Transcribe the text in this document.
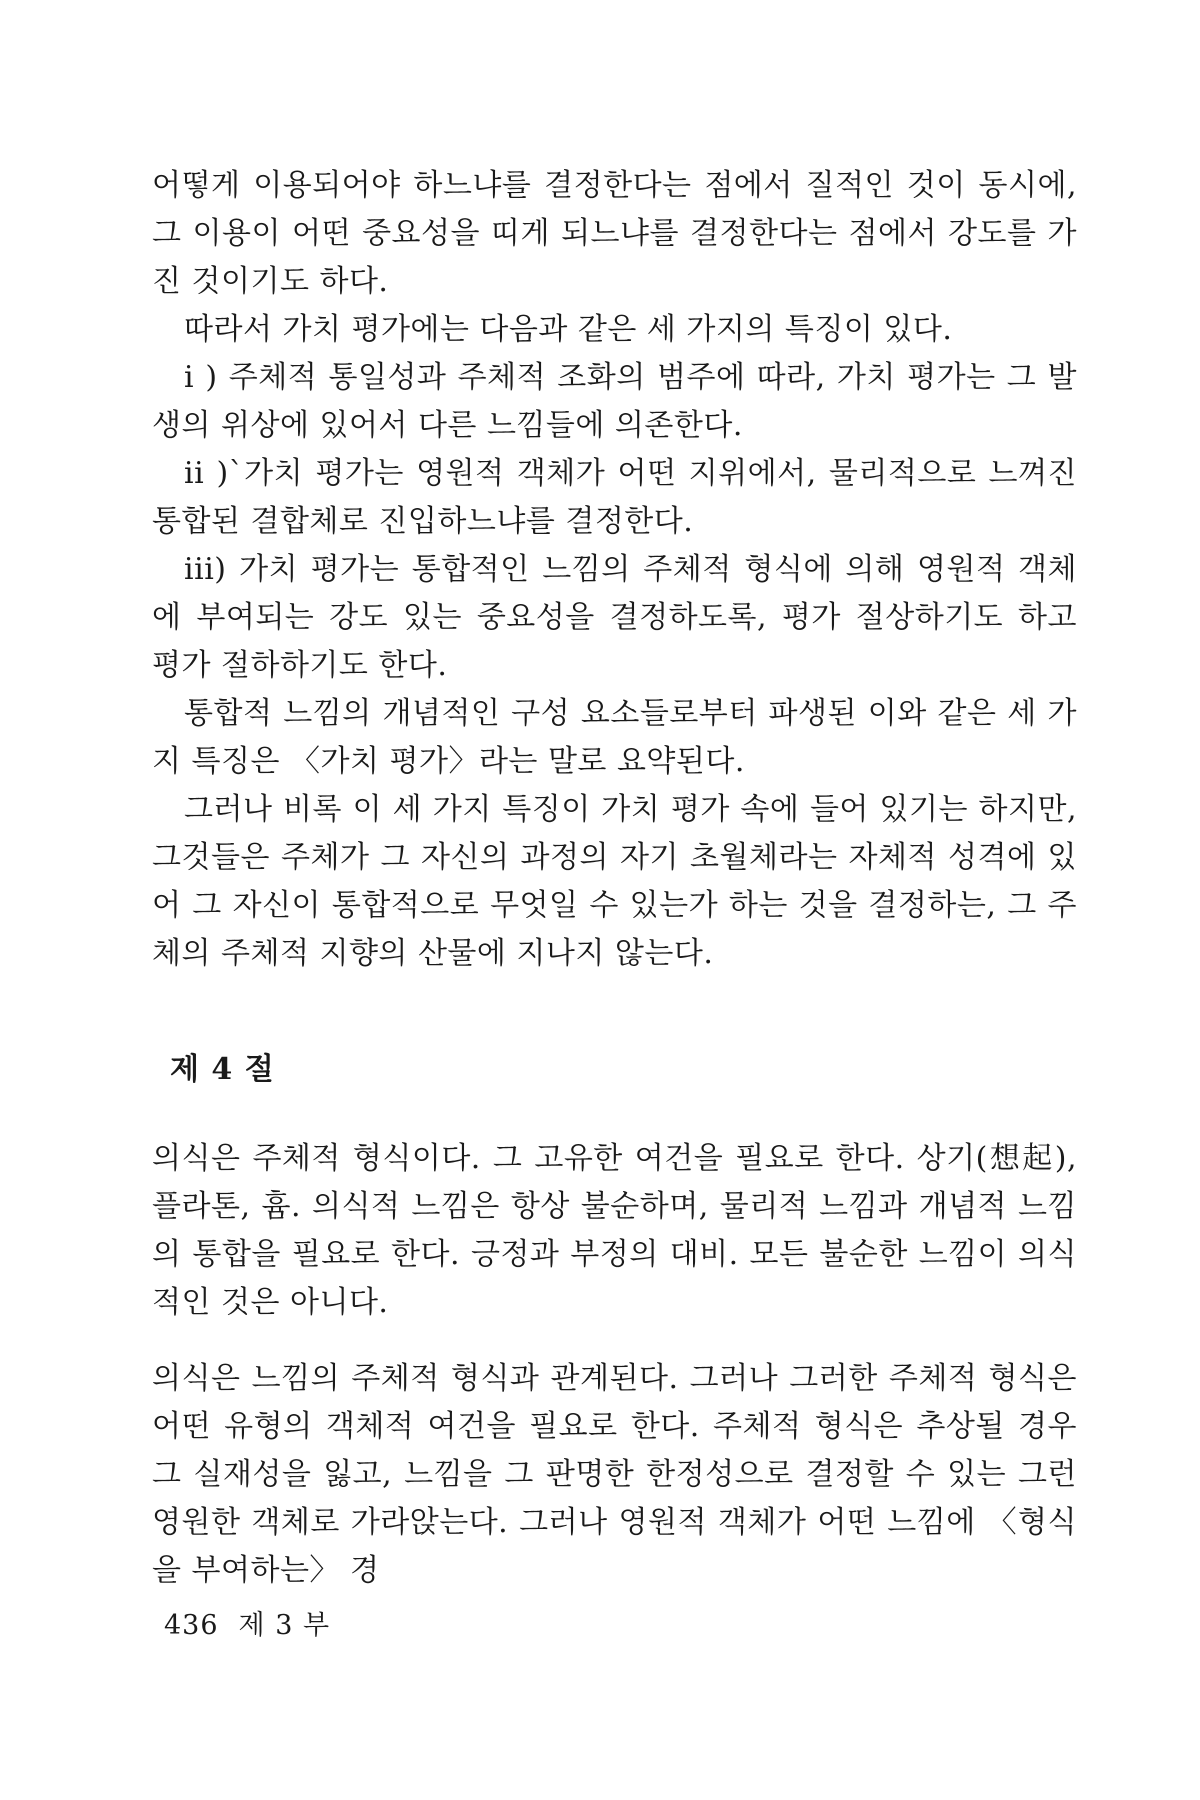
어떻게 이용되어야 하느냐를 결정한다는 점에서 질적인 것이 동시에, 그 이용이 어떤 중요성을 띠게 되느냐를 결정한다는 점에서 강도를 가진 것이기도 하다.

따라서 가치 평가에는 다음과 같은 세 가지의 특징이 있다.

i ) 주체적 통일성과 주체적 조화의 범주에 따라, 가치 평가는 그 발생의 위상에 있어서 다른 느낌들에 의존한다.

ii )`가치 평가는 영원적 객체가 어떤 지위에서, 물리적으로 느껴진 통합된 결합체로 진입하느냐를 결정한다.

iii) 가치 평가는 통합적인 느낌의 주체적 형식에 의해 영원적 객체에 부여되는 강도 있는 중요성을 결정하도록, 평가 절상하기도 하고 평가 절하하기도 한다.

통합적 느낌의 개념적인 구성 요소들로부터 파생된 이와 같은 세 가지 특징은 〈가치 평가〉라는 말로 요약된다.

그러나 비록 이 세 가지 특징이 가치 평가 속에 들어 있기는 하지만, 그것들은 주체가 그 자신의 과정의 자기 초월체라는 자체적 성격에 있어 그 자신이 통합적으로 무엇일 수 있는가 하는 것을 결정하는, 그 주체의 주체적 지향의 산물에 지나지 않는다.

제 4 절

의식은 주체적 형식이다. 그 고유한 여건을 필요로 한다. 상기(想起), 플라톤, 흄. 의식적 느낌은 항상 불순하며, 물리적 느낌과 개념적 느낌의 통합을 필요로 한다. 긍정과 부정의 대비. 모든 불순한 느낌이 의식적인 것은 아니다.

의식은 느낌의 주체적 형식과 관계된다. 그러나 그러한 주체적 형식은 어떤 유형의 객체적 여건을 필요로 한다. 주체적 형식은 추상될 경우 그 실재성을 잃고, 느낌을 그 판명한 한정성으로 결정할 수 있는 그런 영원한 객체로 가라앉는다. 그러나 영원적 객체가 어떤 느낌에 〈형식을 부여하는〉 경

436 제 3 부
